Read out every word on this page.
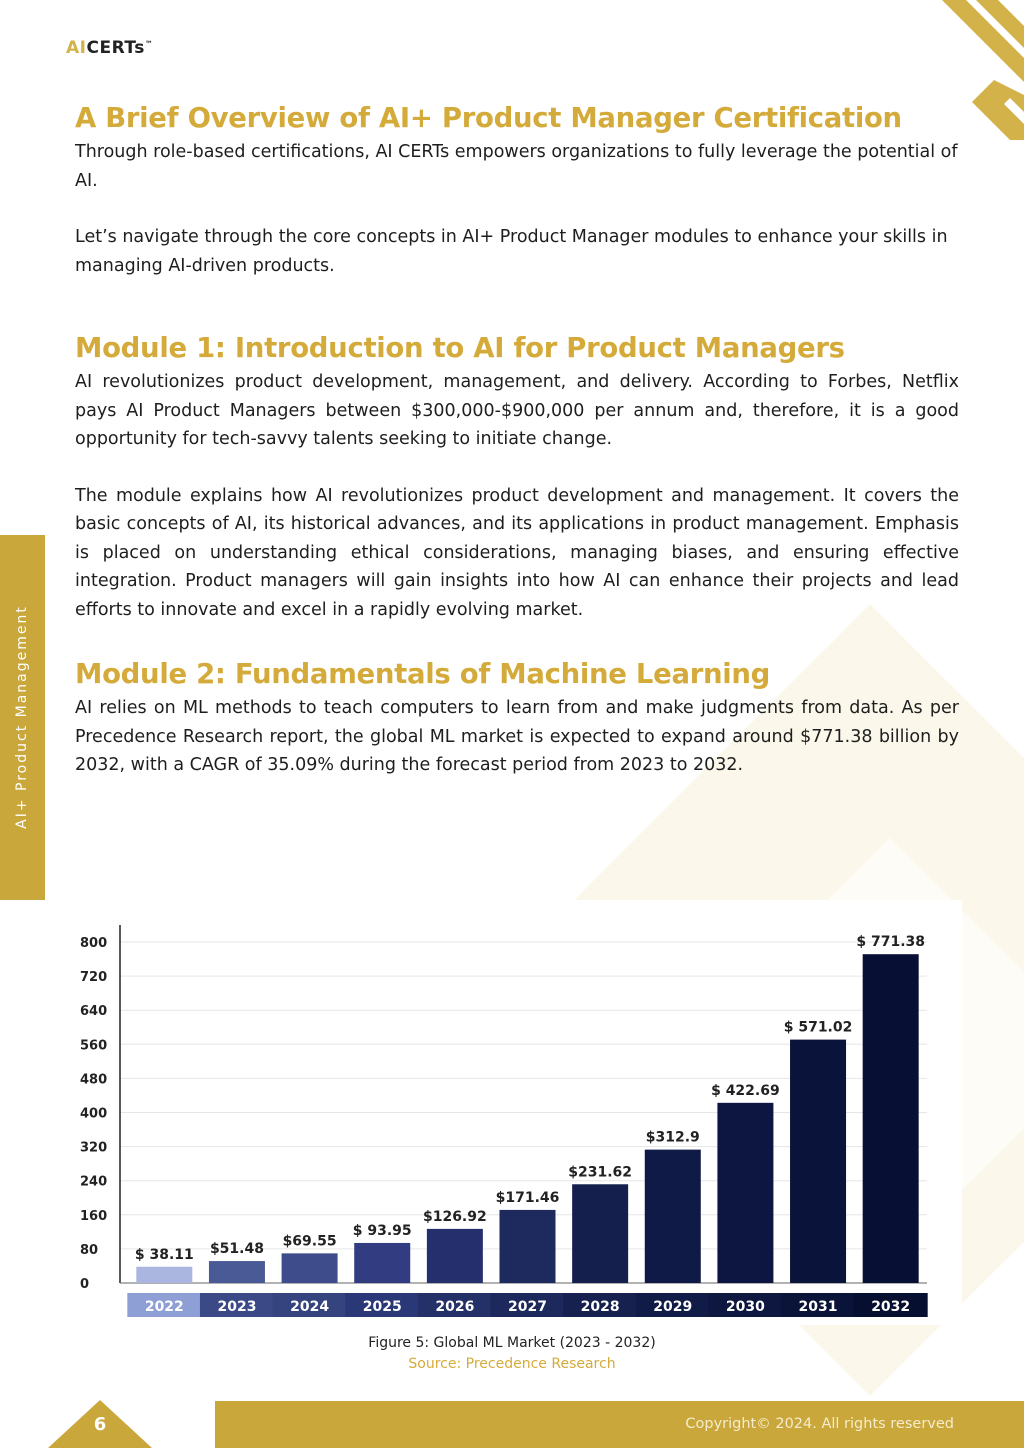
AICERTs™
AI+ Product Management
A Brief Overview of AI+ Product Manager Certification

Through role-based certifications, AI CERTs empowers organizations to fully leverage the potential of AI.

Let’s navigate through the core concepts in AI+ Product Manager modules to enhance your skills in managing AI-driven products.

Module 1: Introduction to AI for Product Managers

AI revolutionizes product development, management, and delivery. According to Forbes, Netflix pays AI Product Managers between $300,000-$900,000 per annum and, therefore, it is a good opportunity for tech-savvy talents seeking to initiate change.

The module explains how AI revolutionizes product development and management. It covers the basic concepts of AI, its historical advances, and its applications in product management. Emphasis is placed on understanding ethical considerations, managing biases, and ensuring effective integration. Product managers will gain insights into how AI can enhance their projects and lead efforts to innovate and excel in a rapidly evolving market.

Module 2: Fundamentals of Machine Learning

AI relies on ML methods to teach computers to learn from and make judgments from data. As per Precedence Research report, the global ML market is expected to expand around $771.38 billion by 2032, with a CAGR of 35.09% during the forecast period from 2023 to 2032.

0
80
160
240
320
400
480
560
640
720
800
$ 38.11
2022
$51.48
2023
$69.55
2024
$ 93.95
2025
$126.92
2026
$171.46
2027
$231.62
2028
$312.9
2029
$ 422.69
2030
$ 571.02
2031
$ 771.38
2032
Figure 5: Global ML Market (2023 - 2032)
Source: Precedence Research
6	Copyright© 2024. All rights reserved
